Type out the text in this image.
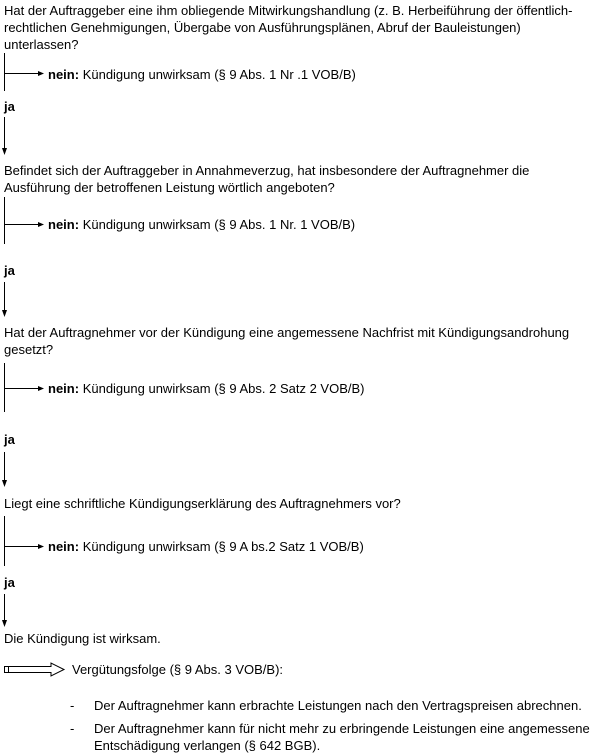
Hat der Auftraggeber eine ihm obliegende Mitwirkungshandlung (z. B. Herbeiführung der öffentlich-rechtlichen Genehmigungen, Übergabe von Ausführungsplänen, Abruf der Bauleistungen) unterlassen?

nein: Kündigung unwirksam (§ 9 Abs. 1 Nr .1 VOB/B)
ja

Befindet sich der Auftraggeber in Annahmeverzug, hat insbesondere der Auftragnehmer die Ausführung der betroffenen Leistung wörtlich angeboten?

nein: Kündigung unwirksam (§ 9 Abs. 1 Nr. 1 VOB/B)
ja

Hat der Auftragnehmer vor der Kündigung eine angemessene Nachfrist mit Kündigungsandrohung gesetzt?

nein: Kündigung unwirksam (§ 9 Abs. 2 Satz 2 VOB/B)
ja

Liegt eine schriftliche Kündigungserklärung des Auftragnehmers vor?

nein: Kündigung unwirksam (§ 9 A bs.2 Satz 1 VOB/B)
ja

Die Kündigung ist wirksam.

Vergütungsfolge (§ 9 Abs. 3 VOB/B):
- Der Auftragnehmer kann erbrachte Leistungen nach den Vertragspreisen abrechnen.
- Der Auftragnehmer kann für nicht mehr zu erbringende Leistungen eine angemessene Entschädigung verlangen (§ 642 BGB).
